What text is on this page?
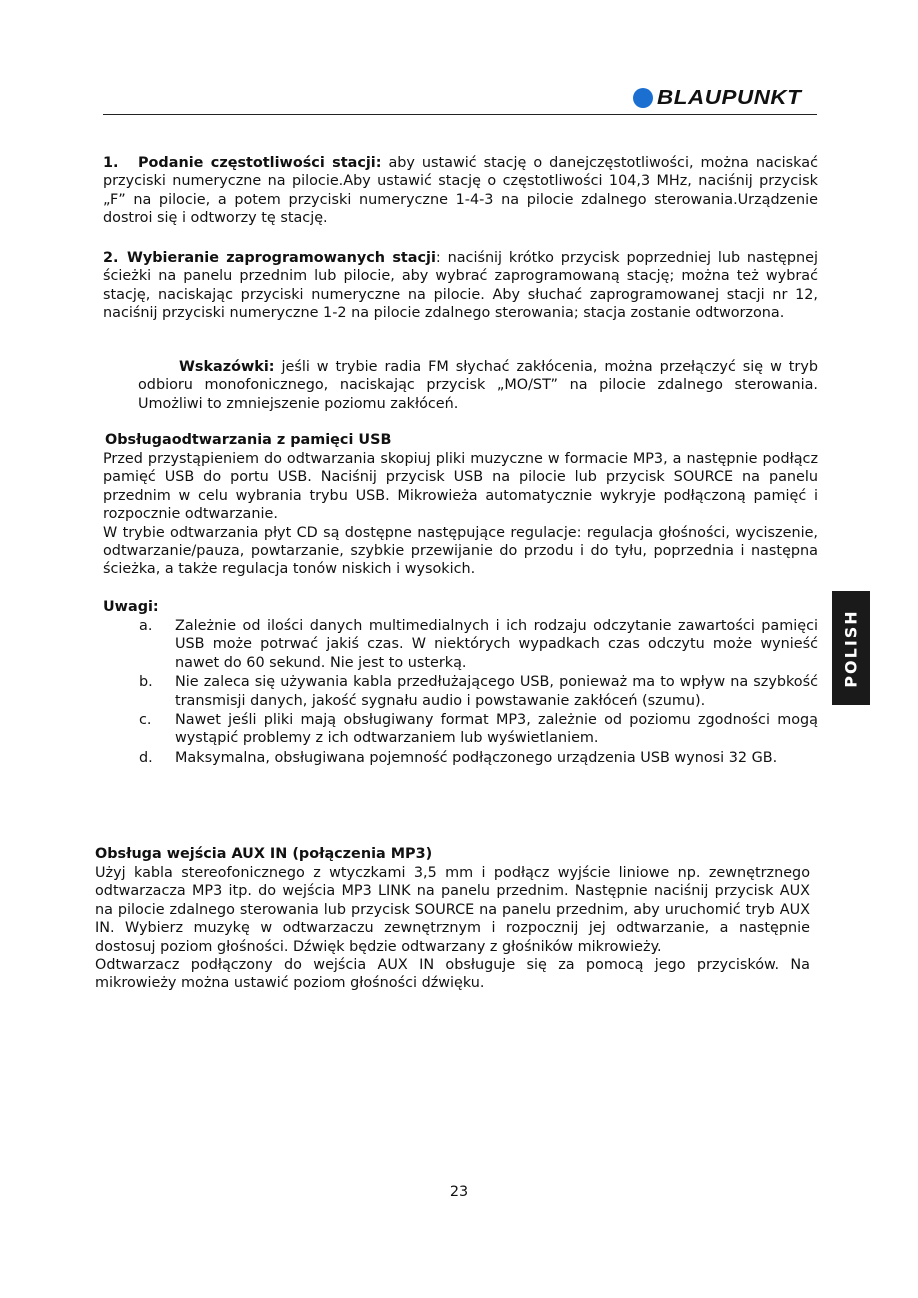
BLAUPUNKT

1. Podanie częstotliwości stacji: aby ustawić stację o danejczęstotliwości, można naciskać przyciski numeryczne na pilocie.Aby ustawić stację o częstotliwości 104,3 MHz, naciśnij przycisk „F” na pilocie, a potem przyciski numeryczne 1-4-3 na pilocie zdalnego sterowania.Urządzenie dostroi się i odtworzy tę stację.

2. Wybieranie zaprogramowanych stacji: naciśnij krótko przycisk poprzedniej lub następnej ścieżki na panelu przednim lub pilocie, aby wybrać zaprogramowaną stację; można też wybrać stację, naciskając przyciski numeryczne na pilocie. Aby słuchać zaprogramowanej stacji nr 12, naciśnij przyciski numeryczne 1-2 na pilocie zdalnego sterowania; stacja zostanie odtworzona.

Wskazówki: jeśli w trybie radia FM słychać zakłócenia, można przełączyć się w tryb odbioru monofonicznego, naciskając przycisk „MO/ST” na pilocie zdalnego sterowania. Umożliwi to zmniejszenie poziomu zakłóceń.

Obsługaodtwarzania z pamięci USB

Przed przystąpieniem do odtwarzania skopiuj pliki muzyczne w formacie MP3, a następnie podłącz pamięć USB do portu USB. Naciśnij przycisk USB na pilocie lub przycisk SOURCE na panelu przednim w celu wybrania trybu USB. Mikrowieża automatycznie wykryje podłączoną pamięć i rozpocznie odtwarzanie.

W trybie odtwarzania płyt CD są dostępne następujące regulacje: regulacja głośności, wyciszenie, odtwarzanie/pauza, powtarzanie, szybkie przewijanie do przodu i do tyłu, poprzednia i następna ścieżka, a także regulacja tonów niskich i wysokich.

Uwagi:
a.	Zależnie od ilości danych multimedialnych i ich rodzaju odczytanie zawartości pamięci USB może potrwać jakiś czas. W niektórych wypadkach czas odczytu może wynieść nawet do 60 sekund. Nie jest to usterką.
b.	Nie zaleca się używania kabla przedłużającego USB, ponieważ ma to wpływ na szybkość transmisji danych, jakość sygnału audio i powstawanie zakłóceń (szumu).
c.	Nawet jeśli pliki mają obsługiwany format MP3, zależnie od poziomu zgodności mogą wystąpić problemy z ich odtwarzaniem lub wyświetlaniem.
d.	Maksymalna, obsługiwana pojemność podłączonego urządzenia USB wynosi 32 GB.
Obsługa wejścia AUX IN (połączenia MP3)

Użyj kabla stereofonicznego z wtyczkami 3,5 mm i podłącz wyjście liniowe np. zewnętrznego odtwarzacza MP3 itp. do wejścia MP3 LINK na panelu przednim. Następnie naciśnij przycisk AUX na pilocie zdalnego sterowania lub przycisk SOURCE na panelu przednim, aby uruchomić tryb AUX IN. Wybierz muzykę w odtwarzaczu zewnętrznym i rozpocznij jej odtwarzanie, a następnie dostosuj poziom głośności. Dźwięk będzie odtwarzany z głośników mikrowieży.

Odtwarzacz podłączony do wejścia AUX IN obsługuje się za pomocą jego przycisków. Na mikrowieży można ustawić poziom głośności dźwięku.

POLISH
23
